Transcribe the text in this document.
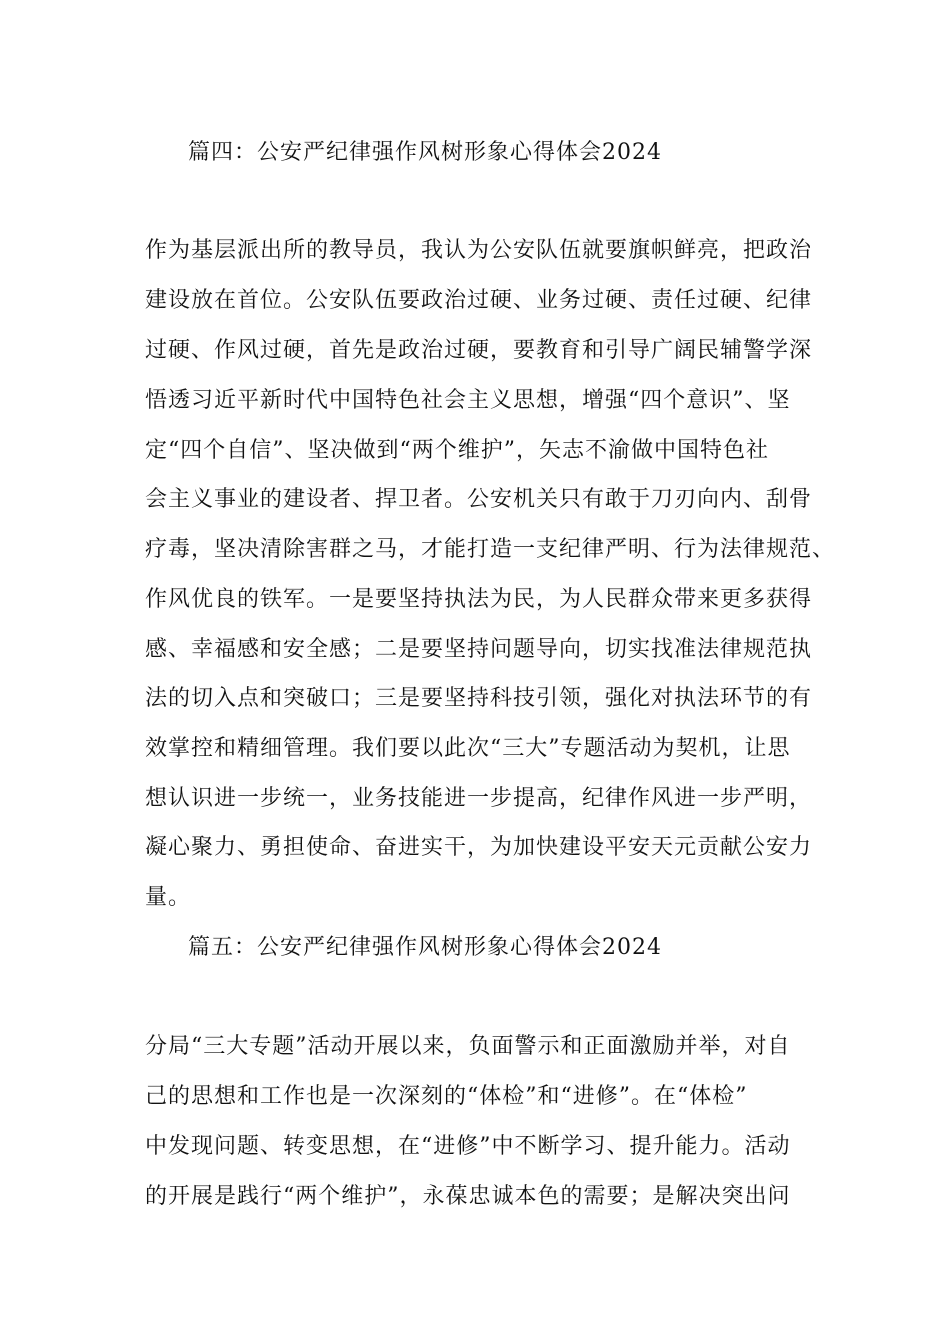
篇四：公安严纪律强作风树形象心得体会2024
作为基层派出所的教导员，我认为公安队伍就要旗帜鲜亮，把政治
建设放在首位。公安队伍要政治过硬、业务过硬、责任过硬、纪律
过硬、作风过硬，首先是政治过硬，要教育和引导广阔民辅警学深
悟透习近平新时代中国特色社会主义思想，增强“四个意识”、坚
定“四个自信”、坚决做到“两个维护”，矢志不渝做中国特色社
会主义事业的建设者、捍卫者。公安机关只有敢于刀刃向内、刮骨
疗毒，坚决清除害群之马，才能打造一支纪律严明、行为法律规范、
作风优良的铁军。一是要坚持执法为民，为人民群众带来更多获得
感、幸福感和安全感；二是要坚持问题导向，切实找准法律规范执
法的切入点和突破口；三是要坚持科技引领，强化对执法环节的有
效掌控和精细管理。我们要以此次“三大”专题活动为契机，让思
想认识进一步统一，业务技能进一步提高，纪律作风进一步严明，
凝心聚力、勇担使命、奋进实干，为加快建设平安天元贡献公安力
量。
篇五：公安严纪律强作风树形象心得体会2024
分局“三大专题”活动开展以来，负面警示和正面激励并举，对自
己的思想和工作也是一次深刻的“体检”和“进修”。在“体检”
中发现问题、转变思想，在“进修”中不断学习、提升能力。活动
的开展是践行“两个维护”，永葆忠诚本色的需要；是解决突出问
